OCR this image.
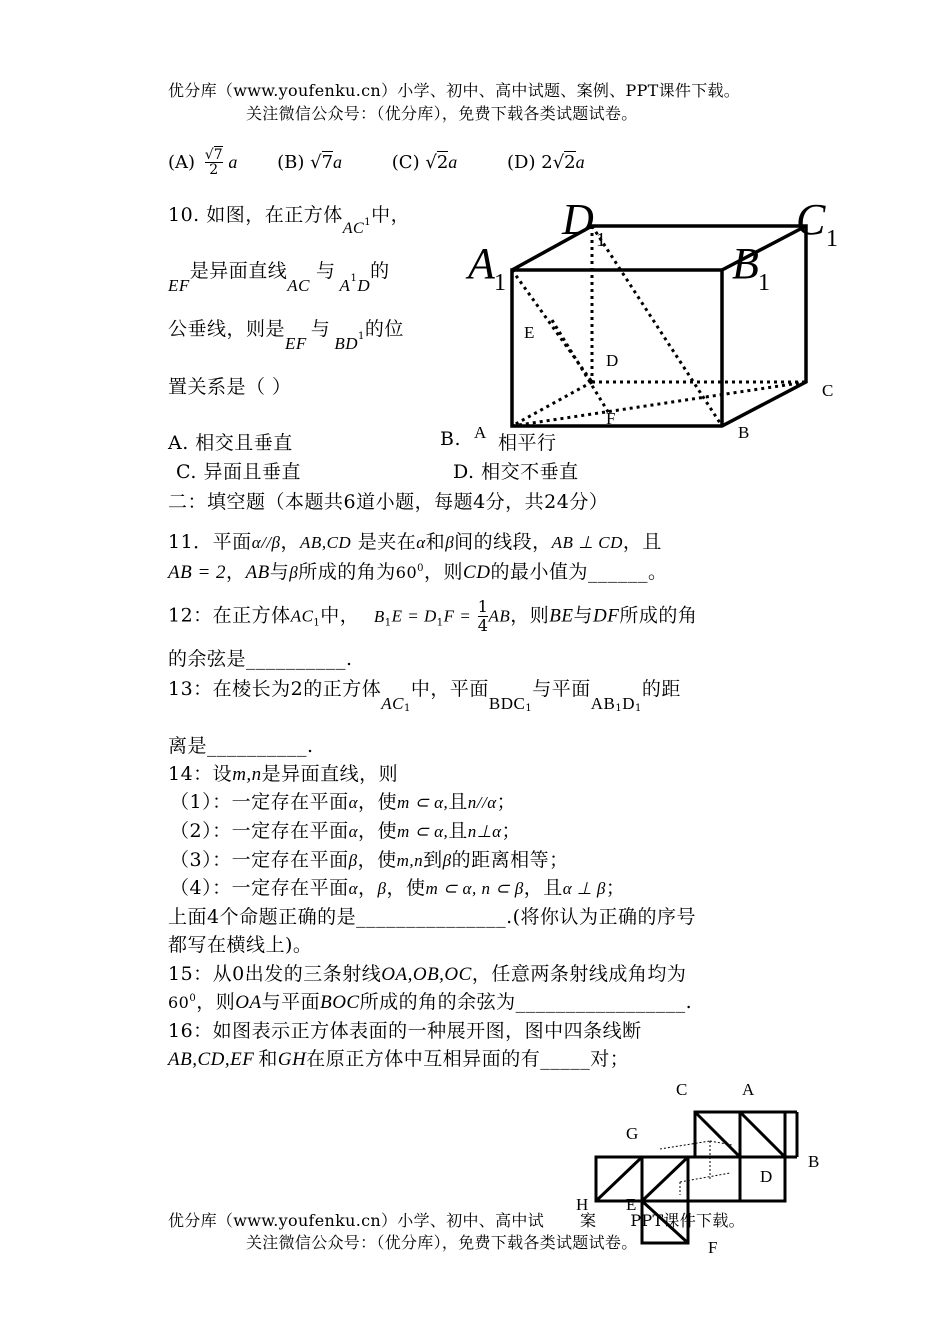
优分库（www.youfenku.cn）小学、初中、高中试题、案例、PPT课件下载。
关注微信公众号：（优分库），免费下载各类试题试卷。
$(A) \frac{√7}{2}$ a (B) √7a	(C) √2a	(D) 2√2a
10. 如图，在正方体$_{AC1}$中，
EF是异面直线AC与$A_1D$的
公垂线，则是EF与$BD_1$的位
置关系是（ ）
A. 相交且垂直	B. 相平行
C. 异面且垂直	D. 相交不垂直
D 1	C 1
A 1	B 1
E
D
C
F
A	B
二：填空题（本题共6道小题，每题4分，共24分）
11．平面α//β，AB,CD 是夹在α和β间的线段，AB ⊥ CD，且
AB = 2，AB与β所成的角为$60^0$，则CD的最小值为______。
12：在正方体$AC_1$中， $B_1E = D_1F = \frac{1}{4}$ AB，则BE与DF所成的角
的余弦是__________.
13：在棱长为2的正方体$AC_1$中，平面$BDC_1$与平面$AB_1D_1$的距
离是__________.
14：设m,n是异面直线，则
（1）：一定存在平面α，使m ⊂ α,且n//α；
（2）：一定存在平面α，使m ⊂ α,且n⊥α；
（3）：一定存在平面β，使m,n到β的距离相等；
（4）：一定存在平面α，β，使m ⊂ α, n ⊂ β，且α ⊥ β；
上面4个命题正确的是_______________.(将你认为正确的序号
都写在横线上)。
15：从0出发的三条射线OA,OB,OC，任意两条射线成角均为
$60^0$，则OA与平面BOC所成的角的余弦为_________________.
16：如图表示正方体表面的一种展开图，图中四条线断
AB,CD,EF 和GH在原正方体中互相异面的有_____对；
C	A
G
B
D
H E
F
优分库（www.youfenku.cn）小学、初中、高中试 案 PPT课件下载。
关注微信公众号：（优分库），免费下载各类试题试卷。
